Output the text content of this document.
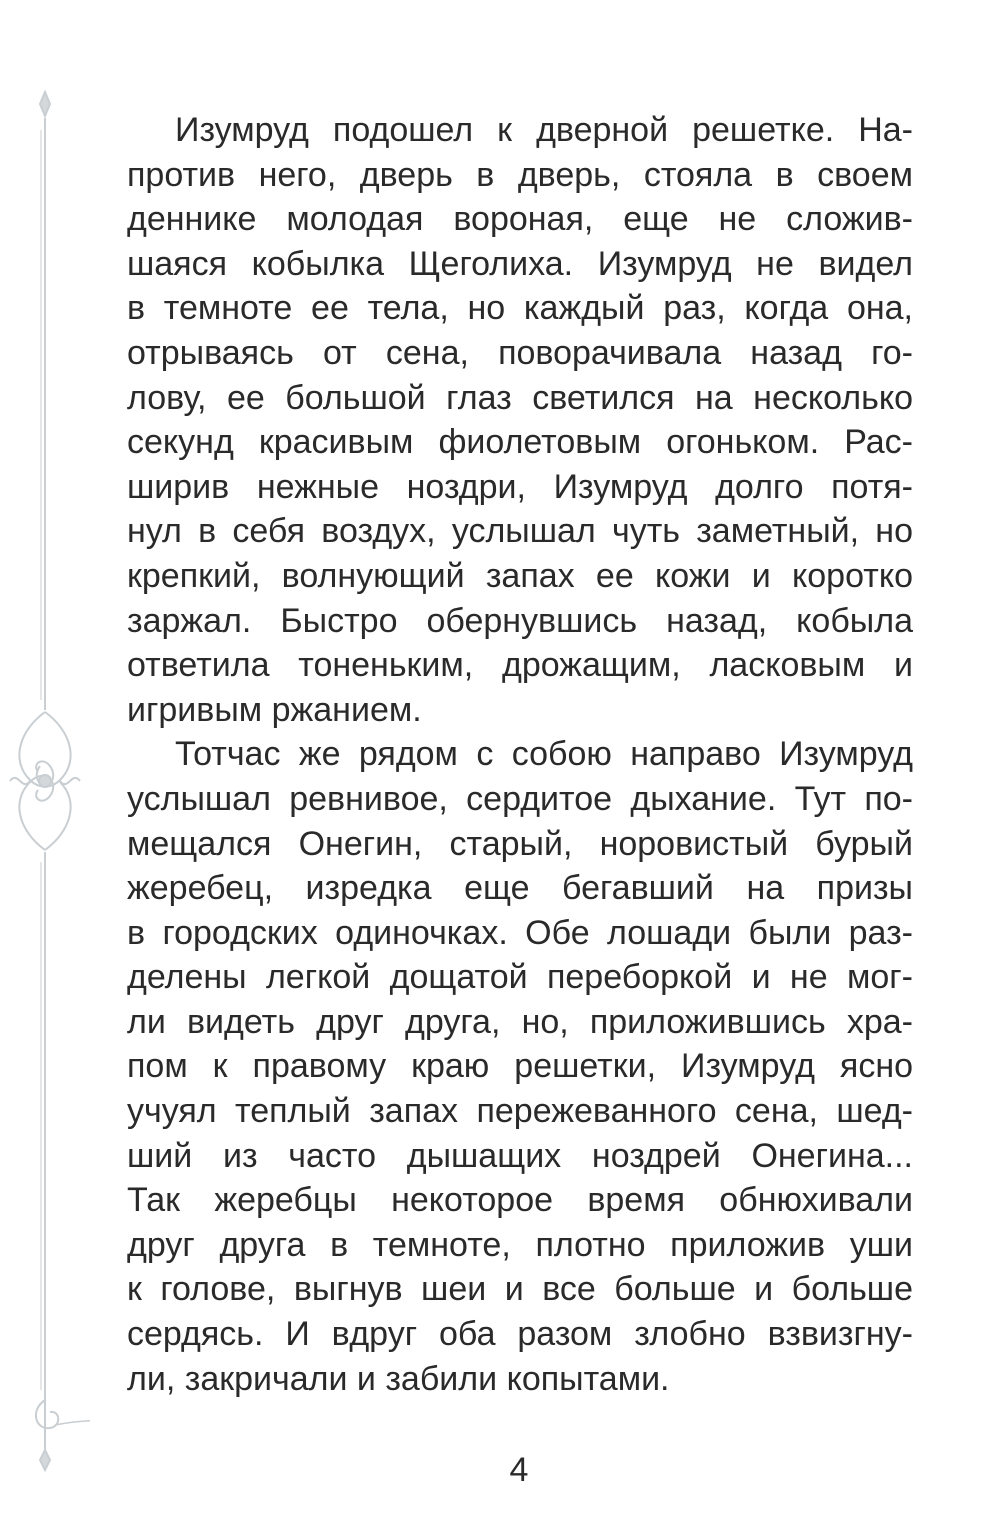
Изумруд подошел к дверной решетке. На-
против него, дверь в дверь, стояла в своем
деннике молодая вороная, еще не сложив-
шаяся кобылка Щеголиха. Изумруд не видел
в темноте ее тела, но каждый раз, когда она,
отрываясь от сена, поворачивала назад го-
лову, ее большой глаз светился на несколько
секунд красивым фиолетовым огоньком. Рас-
ширив нежные ноздри, Изумруд долго потя-
нул в себя воздух, услышал чуть заметный, но
крепкий, волнующий запах ее кожи и коротко
заржал. Быстро обернувшись назад, кобыла
ответила тоненьким, дрожащим, ласковым и
игривым ржанием.

Тотчас же рядом с собою направо Изумруд
услышал ревнивое, сердитое дыхание. Тут по-
мещался Онегин, старый, норовистый бурый
жеребец, изредка еще бегавший на призы
в городских одиночках. Обе лошади были раз-
делены легкой дощатой переборкой и не мог-
ли видеть друг друга, но, приложившись хра-
пом к правому краю решетки, Изумруд ясно
учуял теплый запах пережеванного сена, шед-
ший из часто дышащих ноздрей Онегина...
Так жеребцы некоторое время обнюхивали
друг друга в темноте, плотно приложив уши
к голове, выгнув шеи и все больше и больше
сердясь. И вдруг оба разом злобно взвизгну-
ли, закричали и забили копытами.

4
